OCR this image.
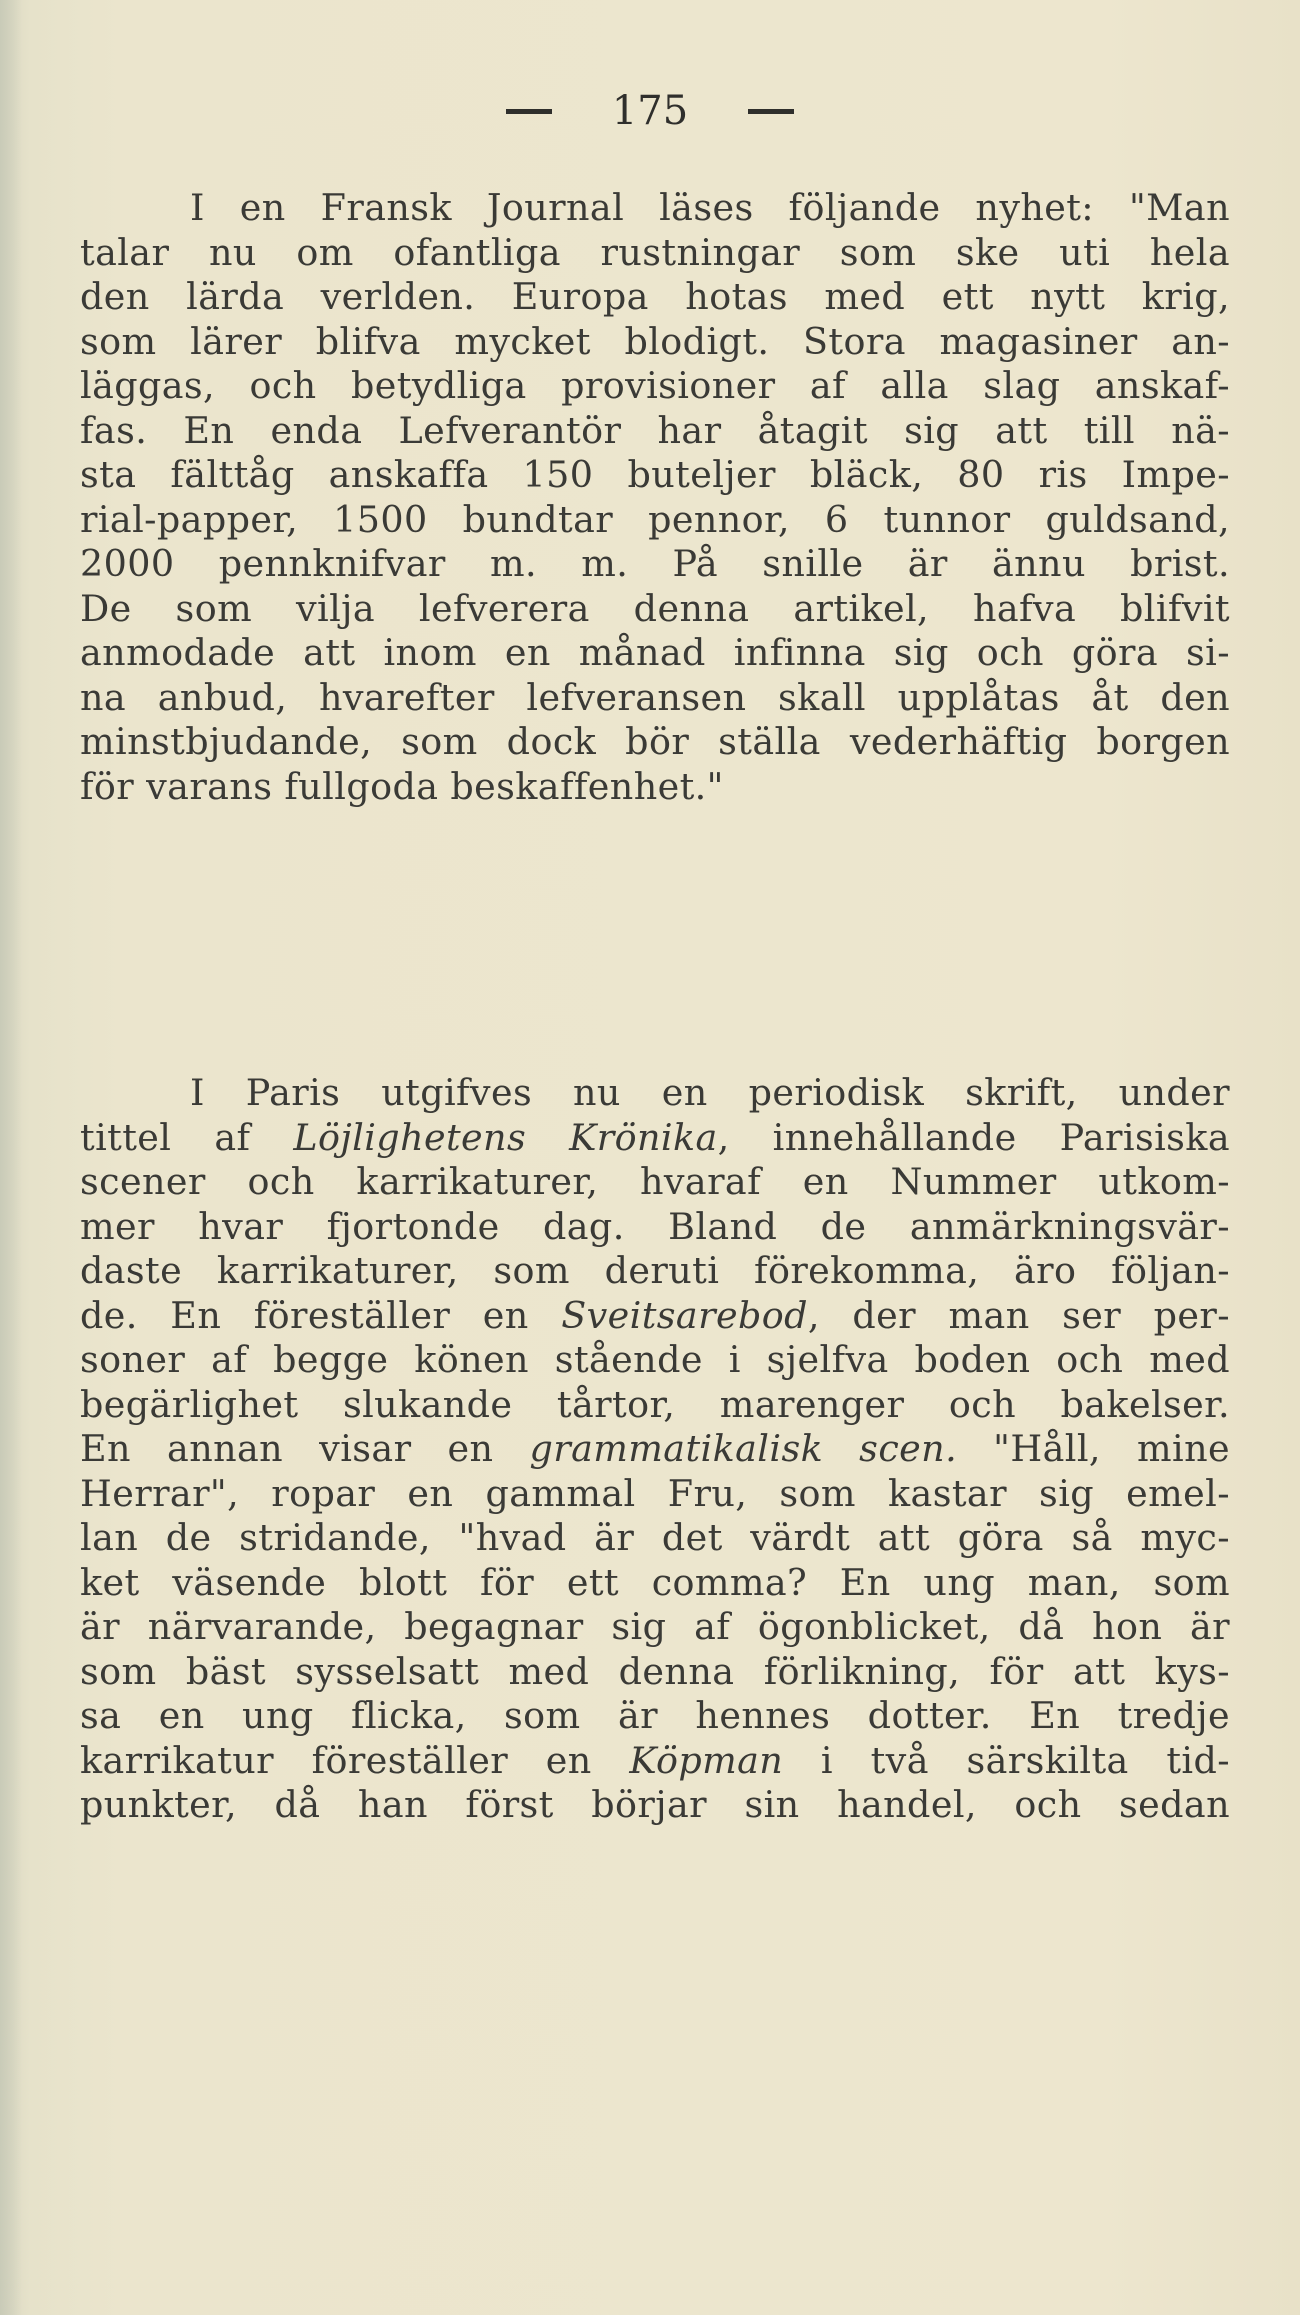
175
I en Fransk Journal läses följande nyhet: "Man
talar nu om ofantliga rustningar som ske uti hela
den lärda verlden. Europa hotas med ett nytt krig,
som lärer blifva mycket blodigt. Stora magasiner an-
läggas, och betydliga provisioner af alla slag anskaf-
fas. En enda Lefverantör har åtagit sig att till nä-
sta fälttåg anskaffa 150 buteljer bläck, 80 ris Impe-
rial-papper, 1500 bundtar pennor, 6 tunnor guldsand,
2000 pennknifvar m. m. På snille är ännu brist.
De som vilja lefverera denna artikel, hafva blifvit
anmodade att inom en månad infinna sig och göra si-
na anbud, hvarefter lefveransen skall upplåtas åt den
minstbjudande, som dock bör ställa vederhäftig borgen
för varans fullgoda beskaffenhet."
I Paris utgifves nu en periodisk skrift, under
tittel af Löjlighetens Krönika, innehållande Parisiska
scener och karrikaturer, hvaraf en Nummer utkom-
mer hvar fjortonde dag. Bland de anmärkningsvär-
daste karrikaturer, som deruti förekomma, äro följan-
de. En föreställer en Sveitsarebod, der man ser per-
soner af begge könen stående i sjelfva boden och med
begärlighet slukande tårtor, marenger och bakelser.
En annan visar en grammatikalisk scen. "Håll, mine
Herrar", ropar en gammal Fru, som kastar sig emel-
lan de stridande, "hvad är det värdt att göra så myc-
ket väsende blott för ett comma? En ung man, som
är närvarande, begagnar sig af ögonblicket, då hon är
som bäst sysselsatt med denna förlikning, för att kys-
sa en ung flicka, som är hennes dotter. En tredje
karrikatur föreställer en Köpman i två särskilta tid-
punkter, då han först börjar sin handel, och sedan
